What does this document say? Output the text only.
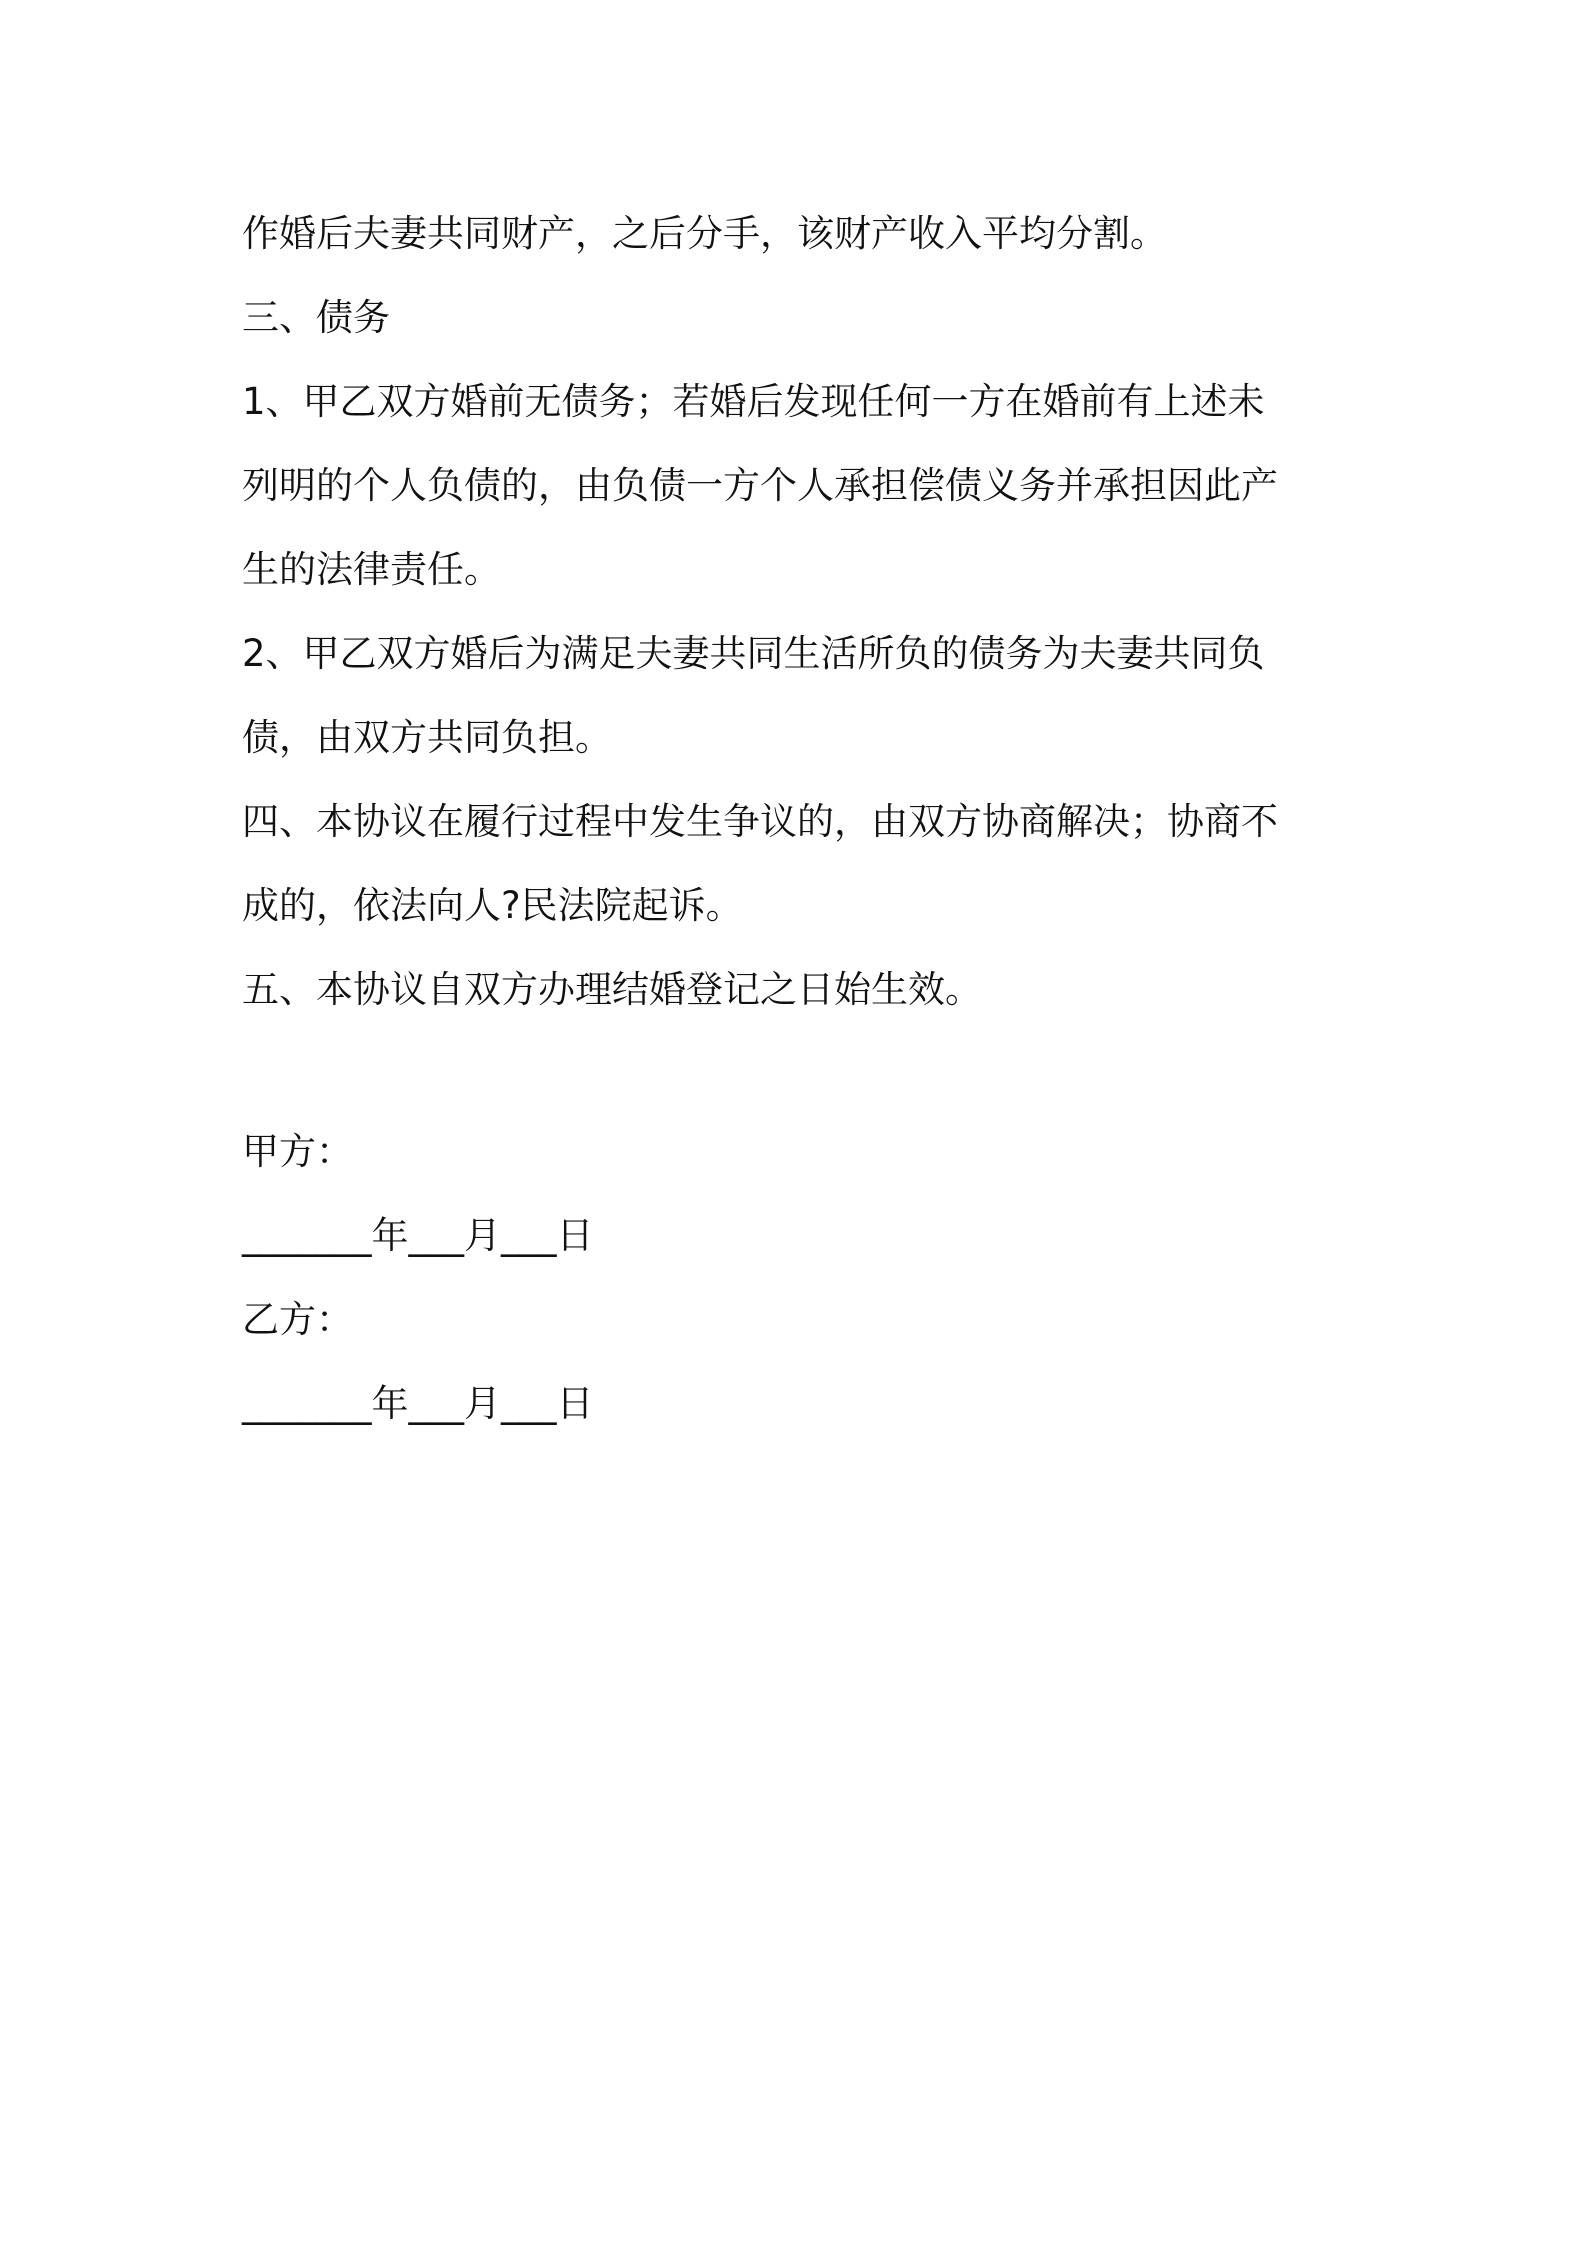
作婚后夫妻共同财产，之后分手，该财产收入平均分割。

三、债务

1、甲乙双方婚前无债务；若婚后发现任何一方在婚前有上述未

列明的个人负债的，由负债一方个人承担偿债义务并承担因此产

生的法律责任。

2、甲乙双方婚后为满足夫妻共同生活所负的债务为夫妻共同负

债，由双方共同负担。

四、本协议在履行过程中发生争议的，由双方协商解决；协商不

成的，依法向人?民法院起诉。

五、本协议自双方办理结婚登记之日始生效。

甲方：

_______年___月___日

乙方：

_______年___月___日
